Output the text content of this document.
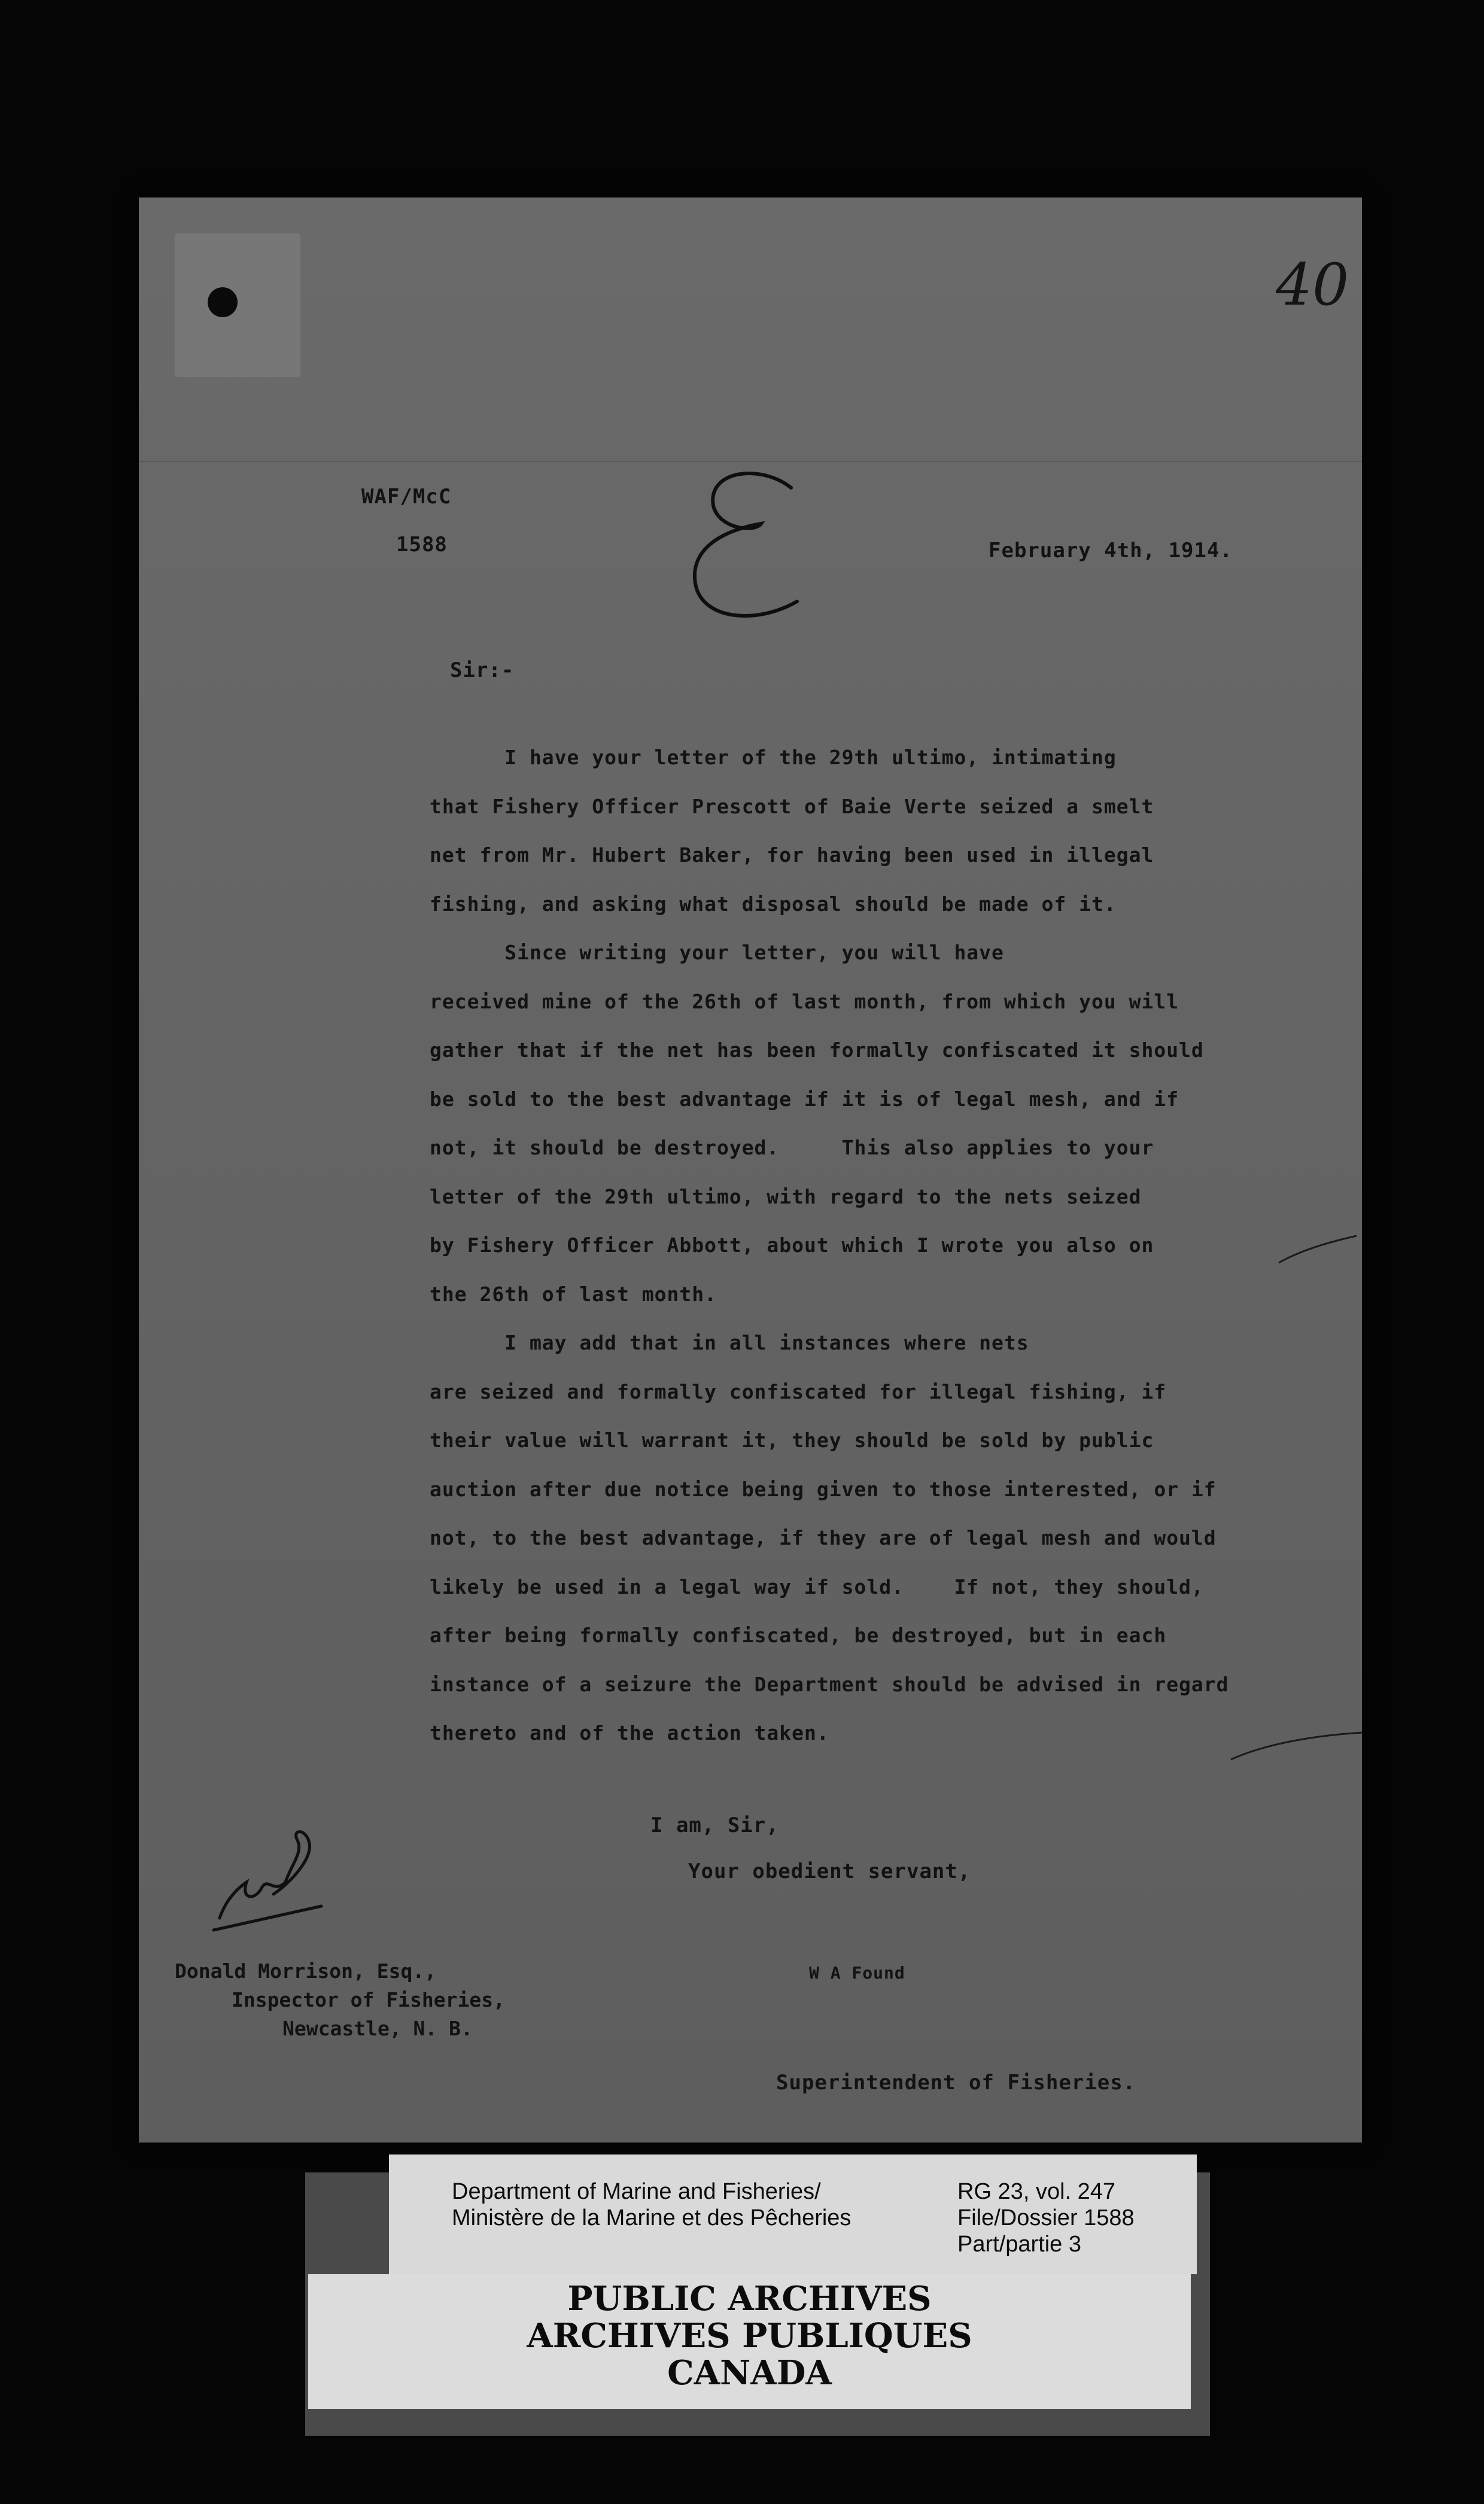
40
WAF/McC
1588	February 4th, 1914.
Sir:-
I have your letter of the 29th ultimo, intimating
that Fishery Officer Prescott of Baie Verte seized a smelt
net from Mr. Hubert Baker, for having been used in illegal
fishing, and asking what disposal should be made of it.
Since writing your letter, you will have
received mine of the 26th of last month, from which you will
gather that if the net has been formally confiscated it should
be sold to the best advantage if it is of legal mesh, and if
not, it should be destroyed.     This also applies to your
letter of the 29th ultimo, with regard to the nets seized
by Fishery Officer Abbott, about which I wrote you also on
the 26th of last month.
I may add that in all instances where nets
are seized and formally confiscated for illegal fishing, if
their value will warrant it, they should be sold by public
auction after due notice being given to those interested, or if
not, to the best advantage, if they are of legal mesh and would
likely be used in a legal way if sold.    If not, they should,
after being formally confiscated, be destroyed, but in each
instance of a seizure the Department should be advised in regard
thereto and of the action taken.
I am, Sir,
Your obedient servant,
Donald Morrison, Esq.,
Inspector of Fisheries,
Newcastle, N. B.
W A Found
Superintendent of Fisheries.
Department of Marine and Fisheries/
Ministère de la Marine et des Pêcheries
RG 23, vol. 247
File/Dossier 1588
Part/partie 3
PUBLIC ARCHIVES
ARCHIVES PUBLIQUES
CANADA
